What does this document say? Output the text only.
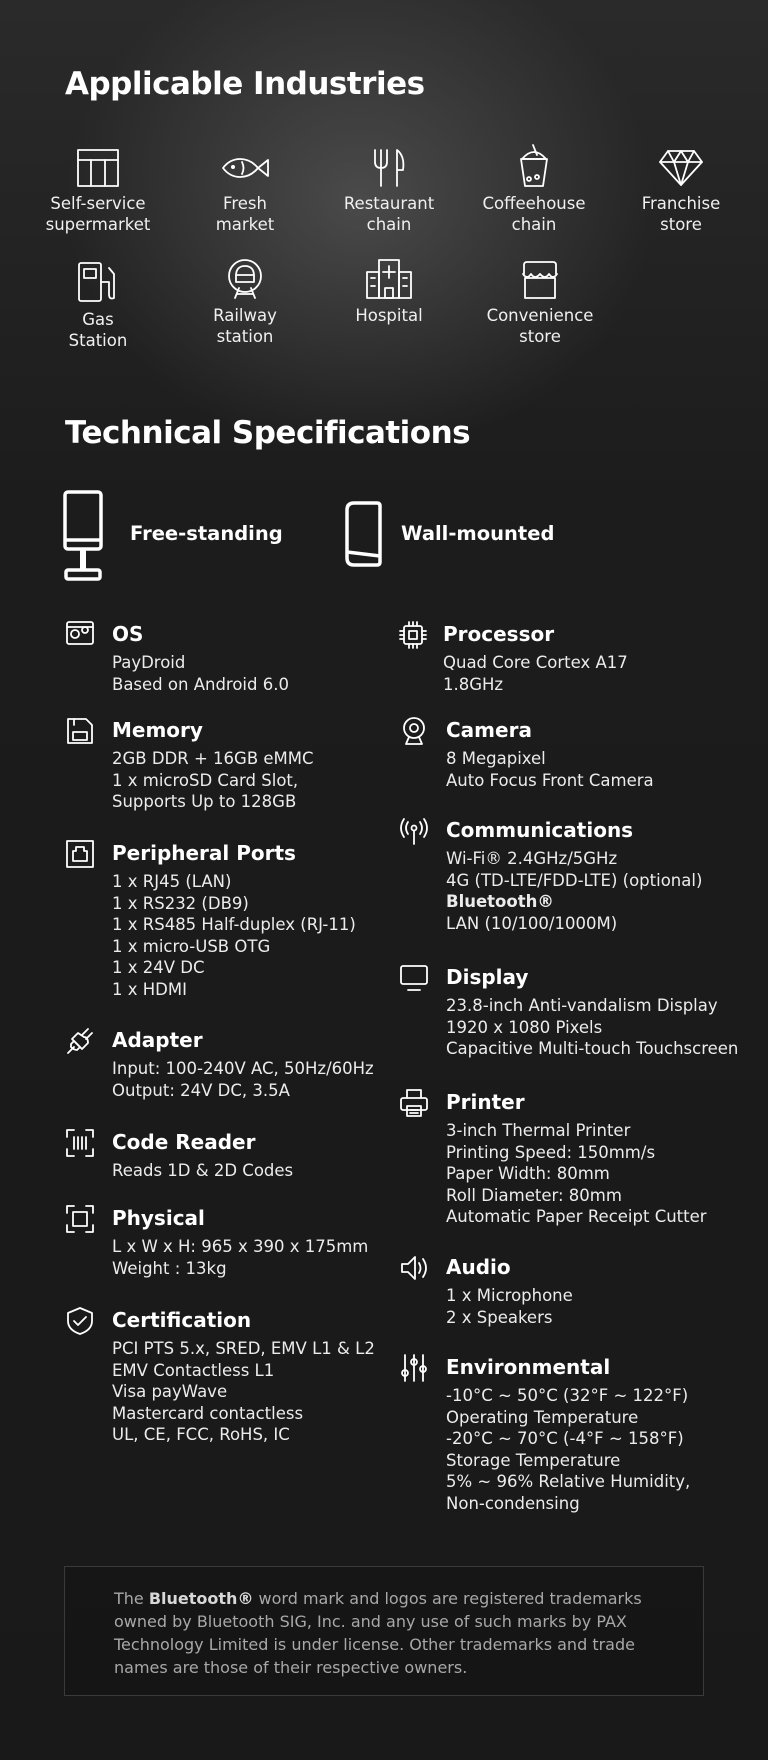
Applicable Industries
Self-service
supermarket
Fresh
market
Restaurant
chain
Coffeehouse
chain
Franchise
store
Gas
Station
Railway
station
Hospital	Convenience
store
Technical Specifications
Free-standing	Wall-mounted
OS
PayDroid
Based on Android 6.0
Memory
2GB DDR + 16GB eMMC
1 x microSD Card Slot,
Supports Up to 128GB
Peripheral Ports
1 x RJ45 (LAN)
1 x RS232 (DB9)
1 x RS485 Half-duplex (RJ-11)
1 x micro-USB OTG
1 x 24V DC
1 x HDMI
Adapter
Input: 100-240V AC, 50Hz/60Hz
Output: 24V DC, 3.5A
Code Reader
Reads 1D & 2D Codes
Physical
L x W x H: 965 x 390 x 175mm
Weight : 13kg
Certification
PCI PTS 5.x, SRED, EMV L1 & L2
EMV Contactless L1
Visa payWave
Mastercard contactless
UL, CE, FCC, RoHS, IC
Processor
Quad Core Cortex A17
1.8GHz
Camera
8 Megapixel
Auto Focus Front Camera
Communications
Wi-Fi® 2.4GHz/5GHz
4G (TD-LTE/FDD-LTE) (optional)
Bluetooth®
LAN (10/100/1000M)
Display
23.8-inch Anti-vandalism Display
1920 x 1080 Pixels
Capacitive Multi-touch Touchscreen
Printer
3-inch Thermal Printer
Printing Speed: 150mm/s
Paper Width: 80mm
Roll Diameter: 80mm
Automatic Paper Receipt Cutter
Audio
1 x Microphone
2 x Speakers
Environmental
-10°C ~ 50°C (32°F ~ 122°F)
Operating Temperature
-20°C ~ 70°C (-4°F ~ 158°F)
Storage Temperature
5% ~ 96% Relative Humidity,
Non-condensing

The Bluetooth® word mark and logos are registered trademarks owned by Bluetooth SIG, Inc. and any use of such marks by PAX Technology Limited is under license. Other trademarks and trade names are those of their respective owners.
